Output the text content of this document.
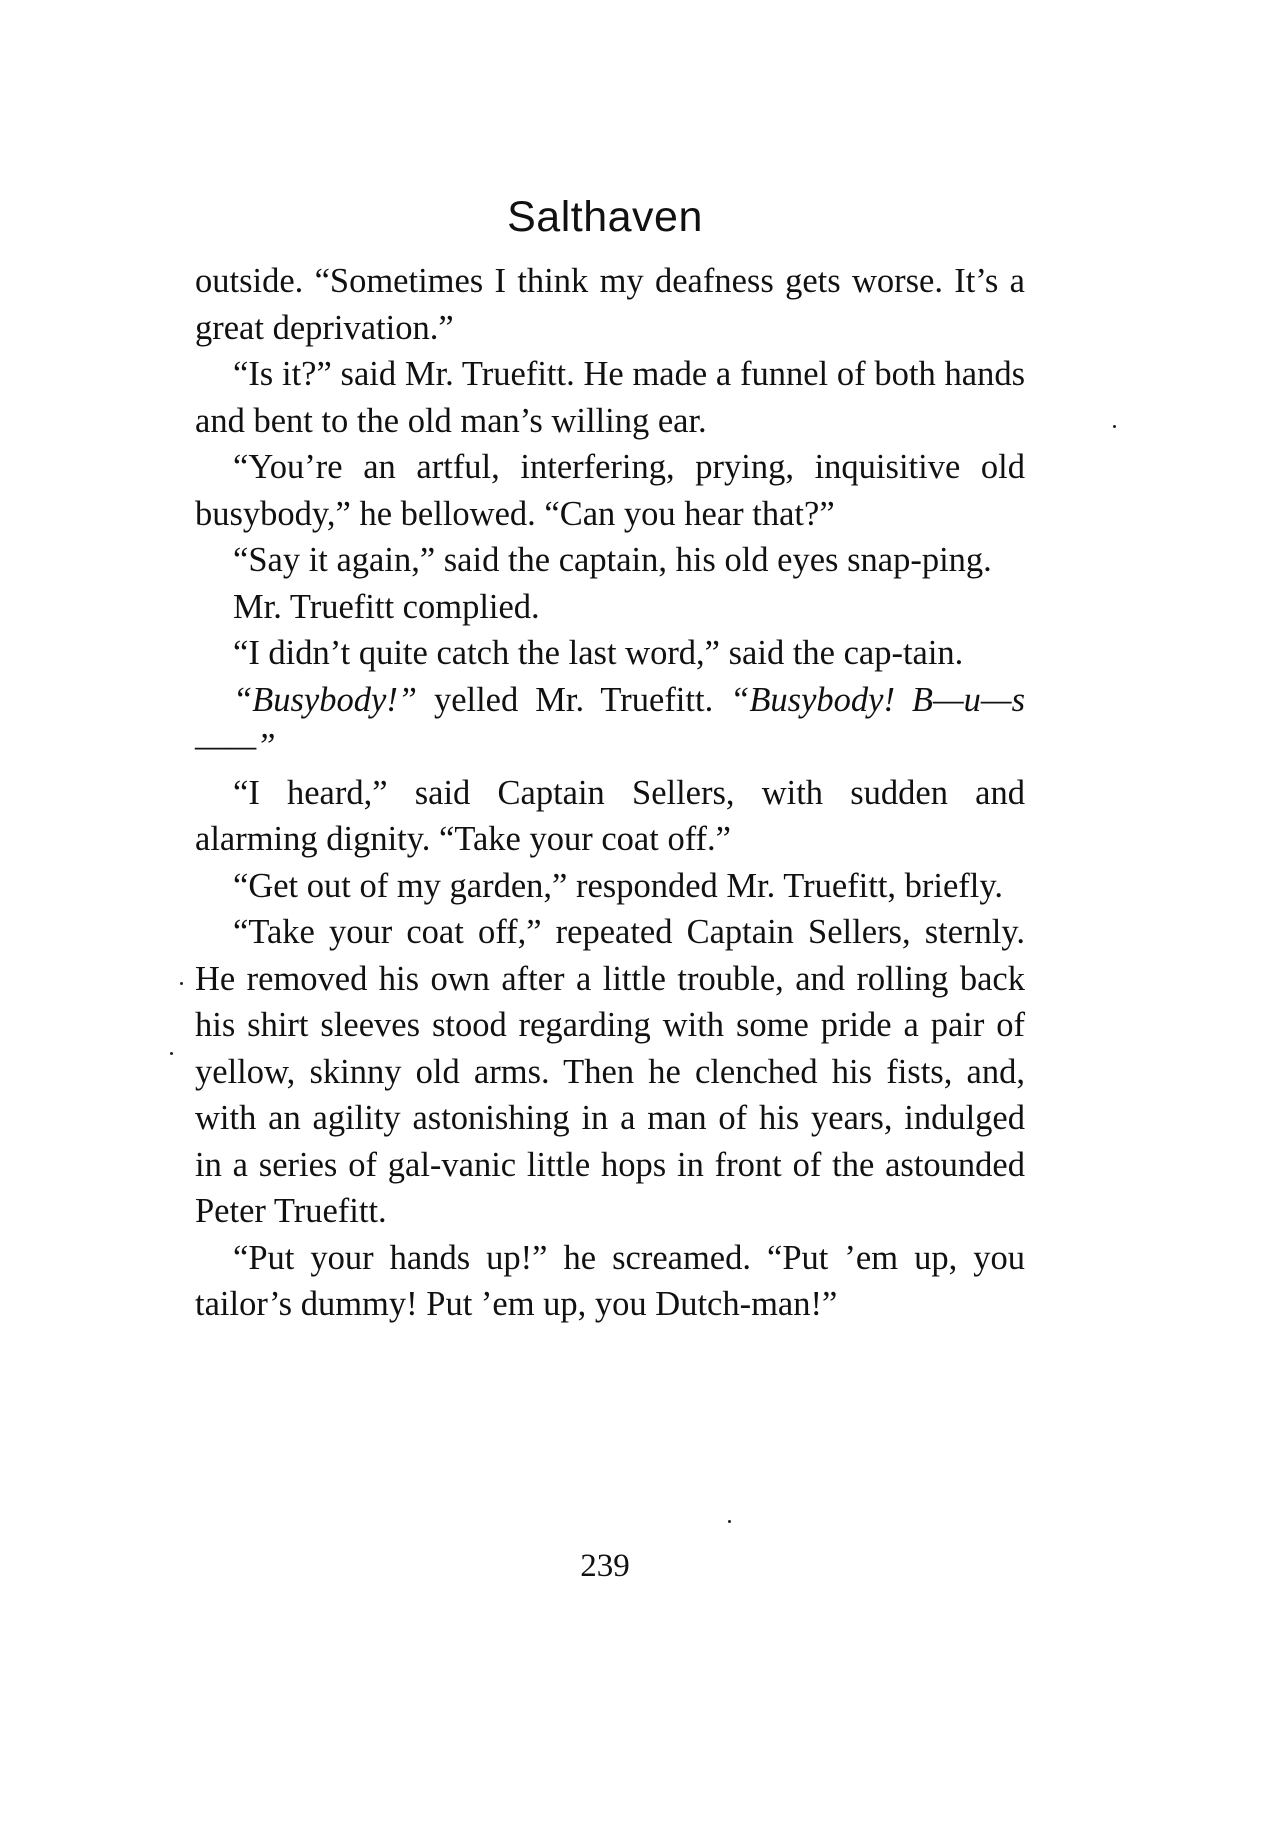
Salthaven

outside. “Sometimes I think my deafness gets worse. It’s a great deprivation.”

“Is it?” said Mr. Truefitt. He made a funnel of both hands and bent to the old man’s willing ear.

“You’re an artful, interfering, prying, inquisitive old busybody,” he bellowed. “Can you hear that?”

“Say it again,” said the captain, his old eyes snap-ping.

Mr. Truefitt complied.

“I didn’t quite catch the last word,” said the cap-tain.

“Busybody!” yelled Mr. Truefitt. “Busybody! B—u—s——”

“I heard,” said Captain Sellers, with sudden and alarming dignity. “Take your coat off.”

“Get out of my garden,” responded Mr. Truefitt, briefly.

“Take your coat off,” repeated Captain Sellers, sternly. He removed his own after a little trouble, and rolling back his shirt sleeves stood regarding with some pride a pair of yellow, skinny old arms. Then he clenched his fists, and, with an agility astonishing in a man of his years, indulged in a series of gal-vanic little hops in front of the astounded Peter Truefitt.

“Put your hands up!” he screamed. “Put ’em up, you tailor’s dummy! Put ’em up, you Dutch-man!”

239
